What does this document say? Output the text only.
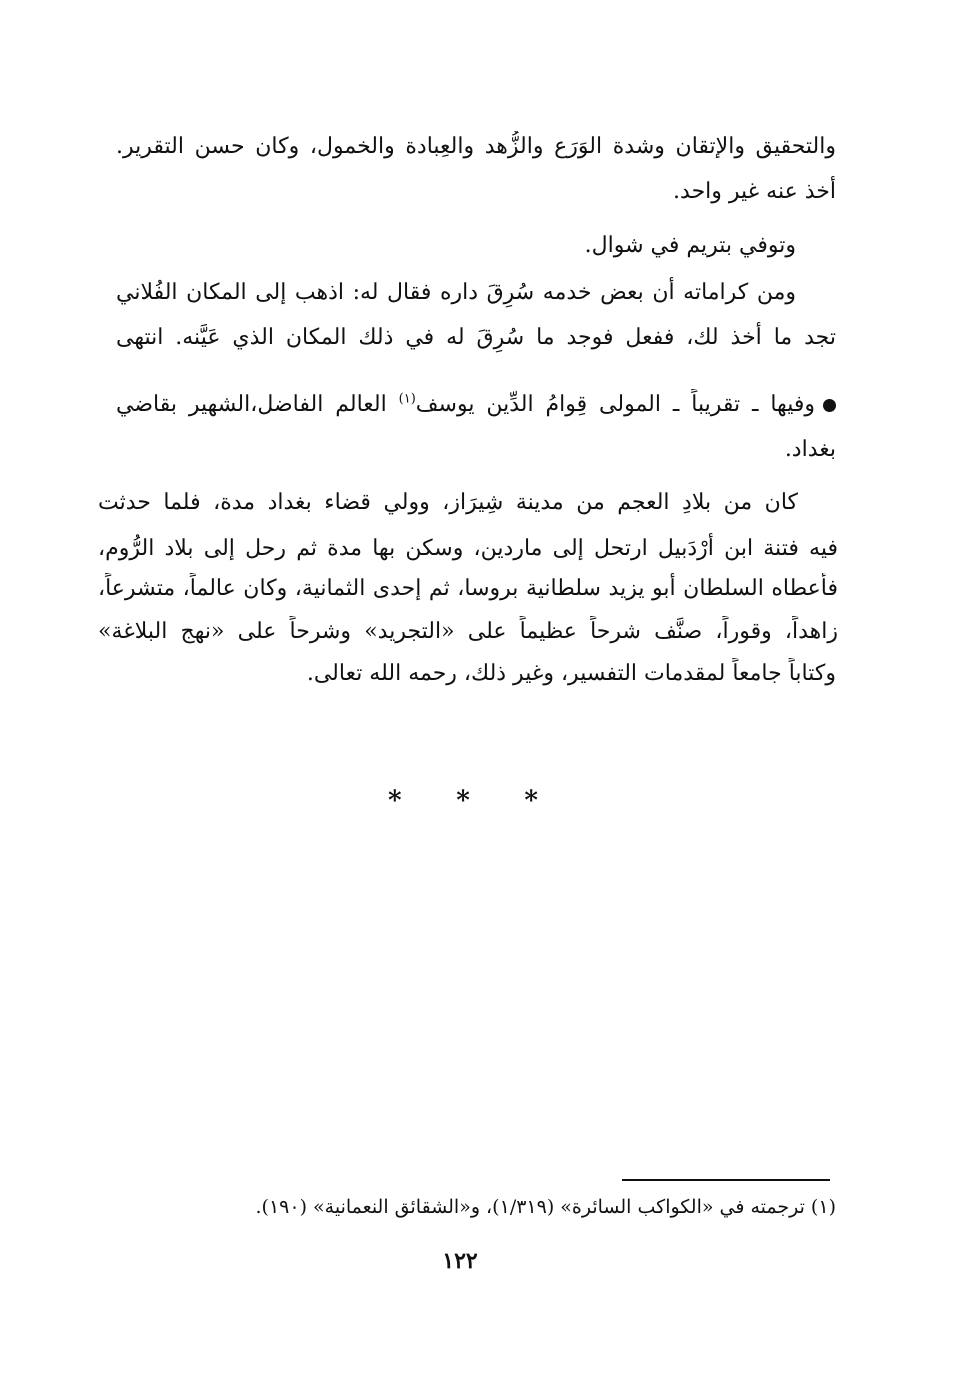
والتحقيق والإتقان وشدة الوَرَع والزُّهد والعِبادة والخمول، وكان حسن التقرير.
أخذ عنه غير واحد.
وتوفي بتريم في شوال.
ومن كراماته أن بعض خدمه سُرِقَ داره فقال له: اذهب إلى المكان الفُلاني
تجد ما أُخذ لك، ففعل فوجد ما سُرِقَ له في ذلك المكان الذي عَيَّنه. انتهى
وفيها ـ تقريباً ـ المولى قِوامُ الدِّين يوسف$^{(١)}$ العالم الفاضل،الشهير بقاضي
بغداد.
كان من بلادِ العجم من مدينة شِيرَاز، وولي قضاء بغداد مدة، فلما حدثت
فيه فتنة ابن أَرْدَبيل ارتحل إلى ماردين، وسكن بها مدة ثم رحل إلى بلاد الرُّوم،
فأعطاه السلطان أبو يزيد سلطانية بروسا، ثم إحدى الثمانية، وكان عالماً، متشرعاً،
زاهداً، وقوراً، صنَّف شرحاً عظيماً على «التجريد» وشرحاً على «نهج البلاغة»
وكتاباً جامعاً لمقدمات التفسير، وغير ذلك، رحمه الله تعالى.
* * *
(١) ترجمته في «الكواكب السائرة» (١/٣١٩)، و«الشقائق النعمانية» (١٩٠).
١٢٢
